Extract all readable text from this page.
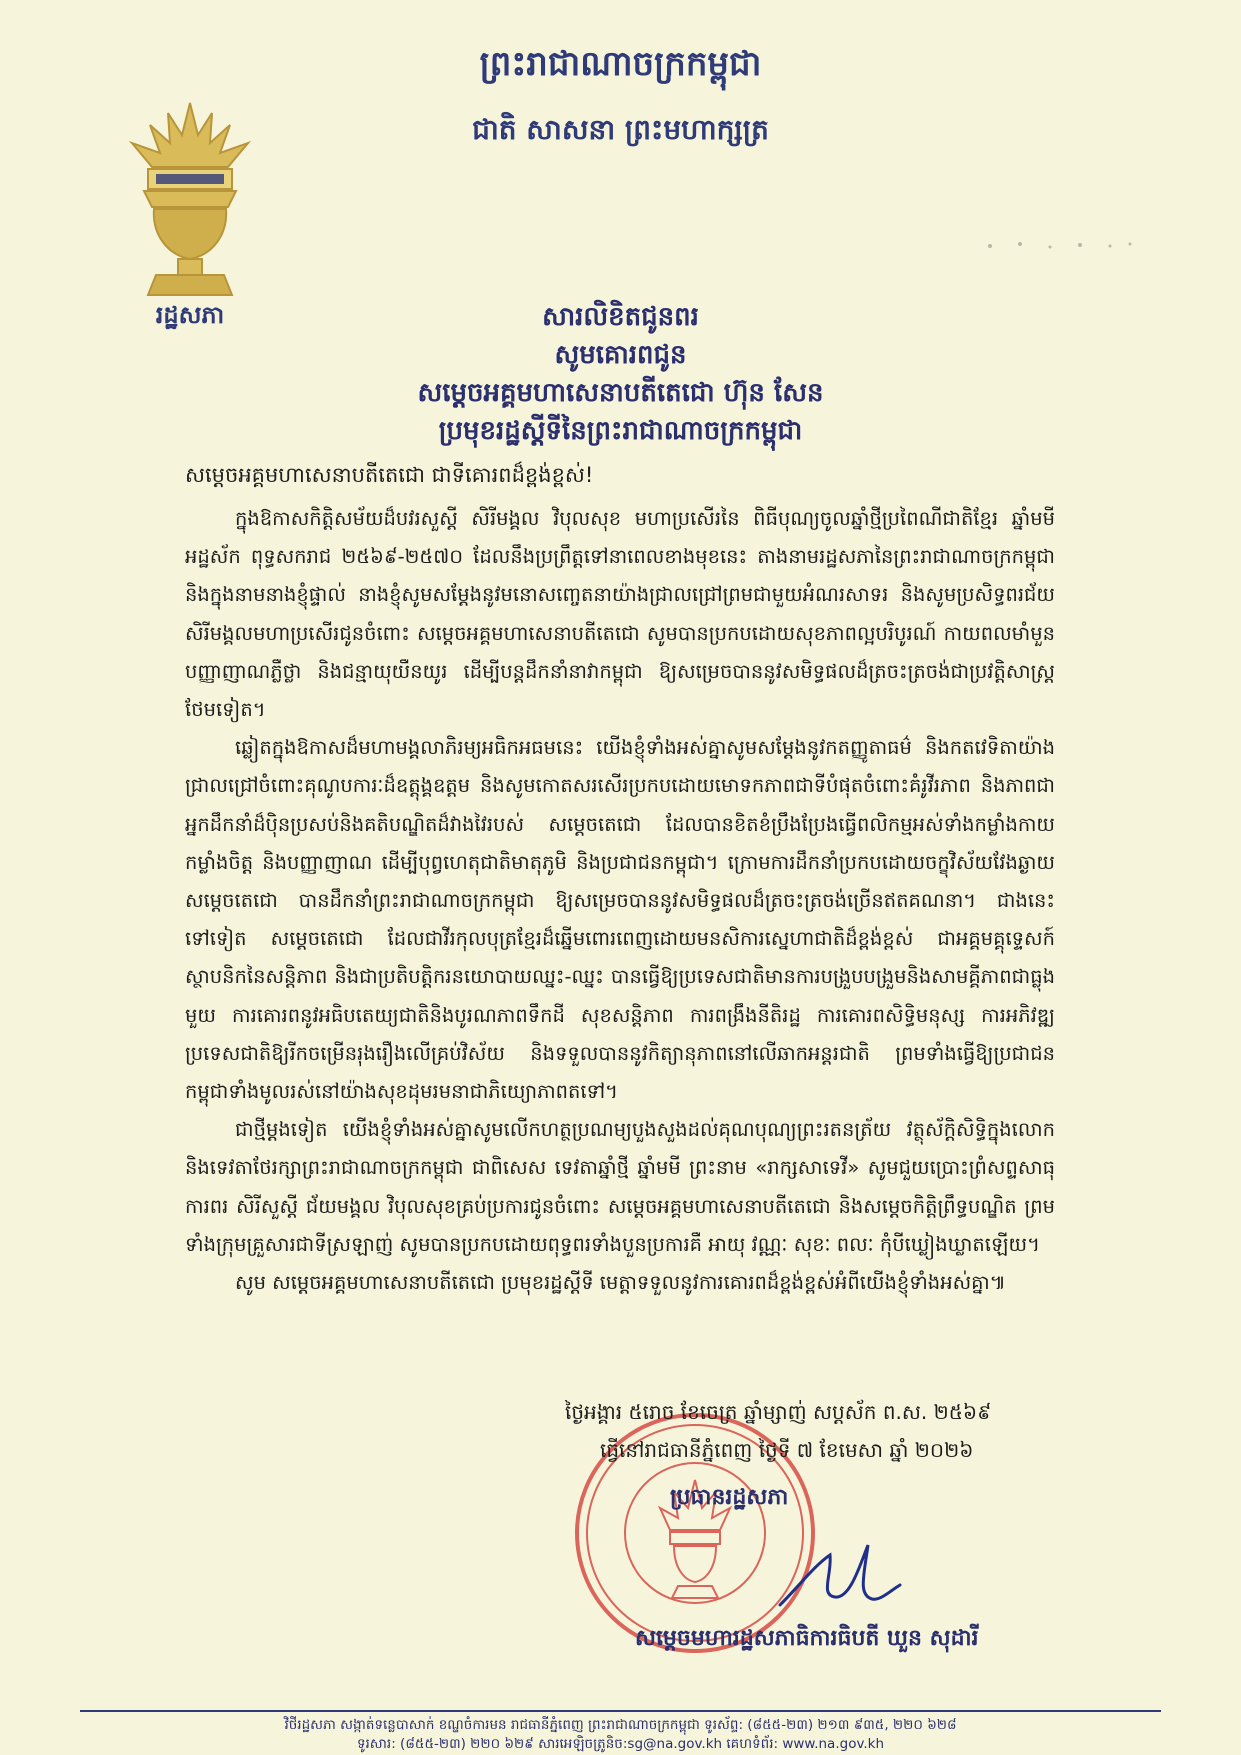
ព្រះរាជាណាចក្រកម្ពុជា
ជាតិ សាសនា ព្រះមហាក្សត្រ
រដ្ឋសភា	សារលិខិតជូនពរ
សូមគោរពជូន
សម្ដេចអគ្គមហាសេនាបតីតេជោ ហ៊ុន សែន
ប្រមុខរដ្ឋស្តីទីនៃព្រះរាជាណាចក្រកម្ពុជា
សម្ដេចអគ្គមហាសេនាបតីតេជោ ជាទីគោរពដ៏ខ្ពង់ខ្ពស់!

ក្នុងឱកាសកិត្តិសម័យដ៏បវរសួស្តី សិរីមង្គល វិបុលសុខ មហាប្រសើរនៃ ពិធីបុណ្យចូលឆ្នាំថ្មីប្រពៃណីជាតិខ្មែរ ឆ្នាំមមី អដ្ឋស័ក ពុទ្ធសករាជ ២៥៦៩-២៥៧០ ដែលនឹងប្រព្រឹត្តទៅនាពេលខាងមុខនេះ តាងនាមរដ្ឋសភានៃព្រះរាជាណាចក្រកម្ពុជា និងក្នុងនាមនាងខ្ញុំផ្ទាល់ នាងខ្ញុំសូមសម្តែងនូវមនោសញ្ចេតនាយ៉ាងជ្រាលជ្រៅព្រមជាមួយអំណរសាទរ និងសូមប្រសិទ្ធពរជ័យ សិរីមង្គលមហាប្រសើរជូនចំពោះ សម្ដេចអគ្គមហាសេនាបតីតេជោ សូមបានប្រកបដោយសុខភាពល្អបរិបូរណ៍ កាយពលមាំមួន បញ្ញាញាណភ្លឺថ្លា និងជន្មាយុយឺនយូរ ដើម្បីបន្តដឹកនាំនាវាកម្ពុជា ឱ្យសម្រេចបាននូវសមិទ្ធផលដ៏ត្រចះត្រចង់ជាប្រវត្តិសាស្ត្រថែមទៀត។

ឆ្លៀតក្នុងឱកាសដ៏មហាមង្គលាភិរម្យអធិកអធមនេះ យើងខ្ញុំទាំងអស់គ្នាសូមសម្តែងនូវកតញ្ញូតាធម៌ និងកតវេទិតាយ៉ាងជ្រាលជ្រៅចំពោះគុណូបការៈដ៏ឧត្តុង្គឧត្តម និងសូមកោតសរសើរប្រកបដោយមោទកភាពជាទីបំផុតចំពោះគំរូវីរភាព និងភាពជាអ្នកដឹកនាំដ៏ប៉ិនប្រសប់និងគតិបណ្ឌិតដ៏វាងវៃរបស់ សម្ដេចតេជោ ដែលបានខិតខំប្រឹងប្រែងធ្វើពលិកម្មអស់ទាំងកម្លាំងកាយកម្លាំងចិត្ត និងបញ្ញាញាណ ដើម្បីបុព្វហេតុជាតិមាតុភូមិ និងប្រជាជនកម្ពុជា។ ក្រោមការដឹកនាំប្រកបដោយចក្ខុវិស័យវែងឆ្ងាយ សម្ដេចតេជោ បានដឹកនាំព្រះរាជាណាចក្រកម្ពុជា ឱ្យសម្រេចបាននូវសមិទ្ធផលដ៏ត្រចះត្រចង់ច្រើនឥតគណនា។ ជាងនេះទៅទៀត សម្ដេចតេជោ ដែលជាវីរកុលបុត្រខ្មែរដ៏ឆ្នើមពោរពេញដោយមនសិការស្នេហាជាតិដ៏ខ្ពង់ខ្ពស់ ជាអគ្គមគ្គុទ្ទេសក៍ស្ថាបនិកនៃសន្តិភាព និងជាប្រតិបត្តិករនយោបាយឈ្នះ-ឈ្នះ បានធ្វើឱ្យប្រទេសជាតិមានការបង្រួបបង្រួមនិងសាមគ្គីភាពជាធ្លុងមួយ ការគោរពនូវអធិបតេយ្យជាតិនិងបូរណភាពទឹកដី សុខសន្តិភាព ការពង្រឹងនីតិរដ្ឋ ការគោរពសិទ្ធិមនុស្ស ការអភិវឌ្ឍប្រទេសជាតិឱ្យរីកចម្រើនរុងរឿងលើគ្រប់វិស័យ និងទទួលបាននូវកិត្យានុភាពនៅលើឆាកអន្តរជាតិ ព្រមទាំងធ្វើឱ្យប្រជាជនកម្ពុជាទាំងមូលរស់នៅយ៉ាងសុខដុមរមនាជាភិយ្យោភាពតទៅ។

ជាថ្មីម្តងទៀត យើងខ្ញុំទាំងអស់គ្នាសូមលើកហត្ថប្រណម្យបួងសួងដល់គុណបុណ្យព្រះរតនត្រ័យ វត្ថុស័ក្តិសិទ្ធិក្នុងលោក និងទេវតាថែរក្សាព្រះរាជាណាចក្រកម្ពុជា ជាពិសេស ទេវតាឆ្នាំថ្មី ឆ្នាំមមី ព្រះនាម «រាក្សសាទេវី» សូមជួយប្រោះព្រំសព្ទសាធុការពរ សិរីសួស្តី ជ័យមង្គល វិបុលសុខគ្រប់ប្រការជូនចំពោះ សម្ដេចអគ្គមហាសេនាបតីតេជោ និងសម្ដេចកិត្តិព្រឹទ្ធបណ្ឌិត ព្រមទាំងក្រុមគ្រួសារជាទីស្រឡាញ់ សូមបានប្រកបដោយពុទ្ធពរទាំងបួនប្រការគឺ អាយុ វណ្ណៈ សុខៈ ពលៈ កុំបីឃ្លៀងឃ្លាតឡើយ។

សូម សម្ដេចអគ្គមហាសេនាបតីតេជោ ប្រមុខរដ្ឋស្តីទី មេត្តាទទួលនូវការគោរពដ៏ខ្ពង់ខ្ពស់អំពីយើងខ្ញុំទាំងអស់គ្នា៕

ថ្ងៃអង្គារ ៥រោច ខែចេត្រ ឆ្នាំម្សាញ់ សប្តស័ក ព.ស. ២៥៦៩
ធ្វើនៅរាជធានីភ្នំពេញ ថ្ងៃទី ៧ ខែមេសា ឆ្នាំ ២០២៦
ប្រធានរដ្ឋសភា
សម្ដេចមហារដ្ឋសភាធិការធិបតី ឃួន សុដារី
វិថីរដ្ឋសភា សង្កាត់ទន្លេបាសាក់ ខណ្ឌចំការមន រាជធានីភ្នំពេញ ព្រះរាជាណាចក្រកម្ពុជា ទូរស័ព្ទ: (៨៥៥-២៣) ២១៣ ៩៣៥, ២២០ ៦២៨
ទូរសារ: (៨៥៥-២៣) ២២០ ៦២៩ សារអេឡិចត្រូនិច:sg@na.gov.kh គេហទំព័រ: www.na.gov.kh
